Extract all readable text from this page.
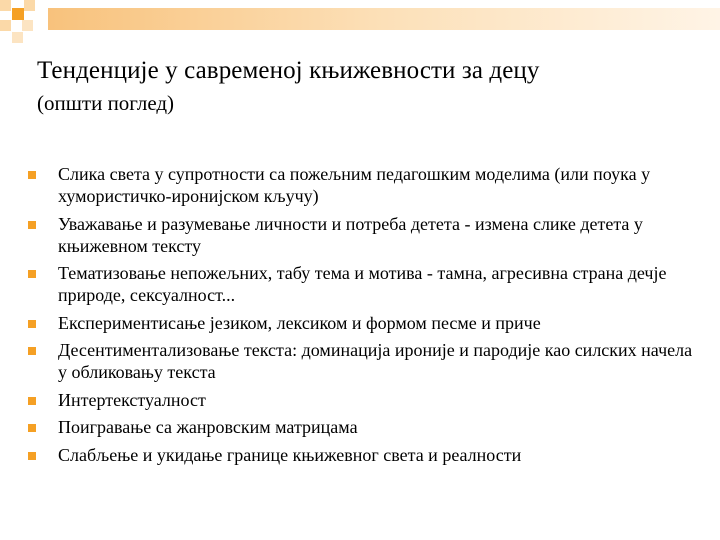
Тенденције у савременој књижевности за децу
(општи поглед)
Слика света у супротности са пожељним педагошким моделима (или поука у хумористичко-иронијском кључу)
Уважавање и разумевање личности и потреба детета - измена слике детета у књижевном тексту
Тематизовање непожељних, табу тема и мотива - тамна, агресивна страна дечје природе, сексуалност...
Експериментисање језиком, лексиком и формом песме и приче
Десентиментализовање текста: доминација ироније и пародије као силских начела у обликовању текста
Интертекстуалност
Поигравање са жанровским матрицама
Слабљење и укидање границе књижевног света и реалности
